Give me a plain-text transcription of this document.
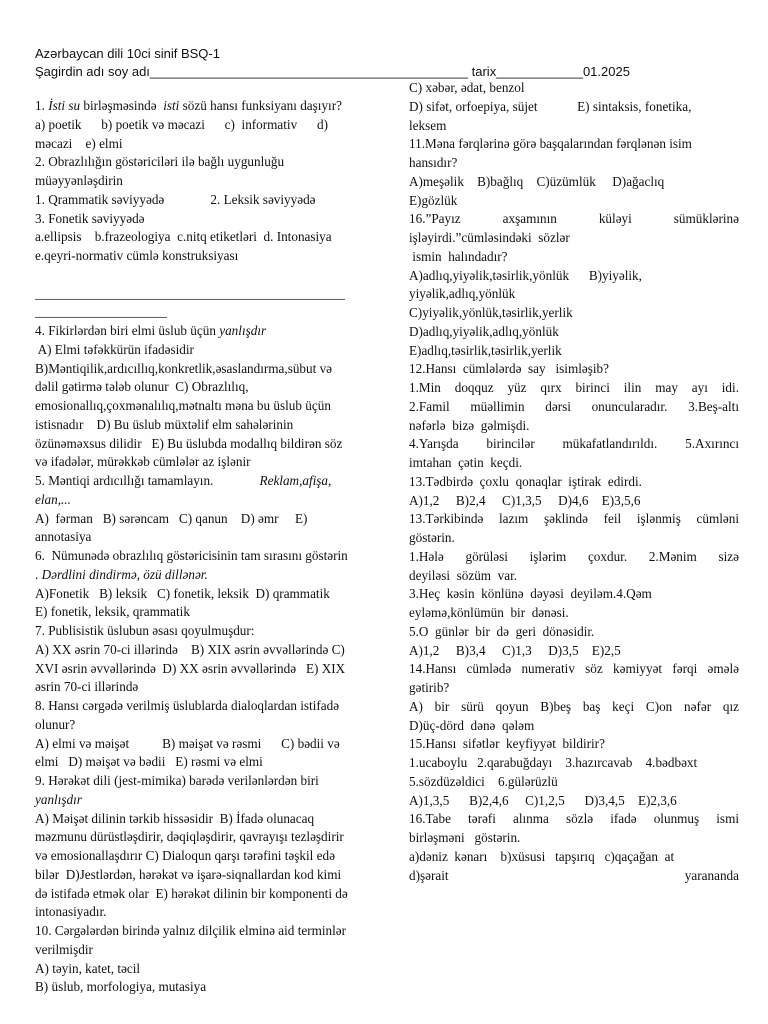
Azərbaycan dili 10ci sinif BSQ-1
Şagirdin adı soy adı____________________________________________ tarix____________01.2025
1. İsti su birləşməsində  isti sözü hansı funksiyanı daşıyır?
a) poetik      b) poetik və məcazi      c)  informativ      d)
məcazi    e) elmi
2. Obrazlılığın göstəriciləri ilə bağlı uygunluğu
müəyyənləşdirin
1. Qrammatik səviyyədə              2. Leksik səviyyədə
3. Fonetik səviyyədə
a.ellipsis    b.frazeologiya  c.nitq etiketləri  d. Intonasiya
e.qeyri-normativ cümlə konstruksiyası
_______________________________________________
____________________
4. Fikirlərdən biri elmi üslub üçün yanlışdır
A) Elmi təfəkkürün ifadəsidir
B)Məntiqilik,ardıcıllıq,konkretlik,əsaslandırma,sübut və
dəlil gətirmə tələb olunur  C) Obrazlılıq,
emosionallıq,çoxmənalılıq,mətnaltı məna bu üslub üçün
istisnadır    D) Bu üslub müxtəlif elm sahələrinin
özünəməxsus dilidir   E) Bu üslubda modallıq bildirən söz
və ifadələr, mürəkkəb cümlələr az işlənir
5. Məntiqi ardıcıllığı tamamlayın.              Reklam,afişa,
elan,...
A)  fərman   B) sərəncam   C) qanun    D) əmr     E)
annotasiya
6.  Nümunədə obrazlılıq göstəricisinin tam sırasını göstərin
. Dərdlini dindirmə, özü dillənər.
A)Fonetik   B) leksik   C) fonetik, leksik  D) qrammatik
E) fonetik, leksik, qrammatik
7. Publisistik üslubun əsası qoyulmuşdur:
A) XX əsrin 70-ci illərində    B) XIX əsrin əvvəllərində C)
XVI əsrin əvvəllərində  D) XX əsrin əvvəllərində   E) XIX
əsrin 70-ci illərində
8. Hansı cərgədə verilmiş üslublarda dialoqlardan istifadə
olunur?
A) elmi və məişət          B) məişət və rəsmi      C) bədii və
elmi   D) məişət və bədii   E) rəsmi və elmi
9. Hərəkət dili (jest-mimika) barədə verilənlərdən biri
yanlışdır
A) Məişət dilinin tərkib hissəsidir  B) İfadə olunacaq
məzmunu dürüstləşdirir, dəqiqləşdirir, qavrayışı tezləşdirir
və emosionallaşdırır C) Dialoqun qarşı tərəfini təşkil edə
bilər  D)Jestlərdən, hərəkət və işarə-siqnallardan kod kimi
də istifadə etmək olar  E) hərəkət dilinin bir komponenti də
intonasiyadır.
10. Cərgələrdən birində yalnız dilçilik elminə aid terminlər
verilmişdir
A) təyin, katet, təcil
B) üslub, morfologiya, mutasiya
C) xəbər, ədat, benzol
D) sifət, orfoepiya, süjet            E) sintaksis, fonetika,
leksem
11.Məna fərqlərinə görə başqalarından fərqlənən isim
hansıdır?
A)meşəlik    B)bağlıq    C)üzümlük     D)ağaclıq
E)gözlük
16.”Payız axşamının küləyi sümüklərinə
işləyirdi.”cümləsindəki  sözlər
ismin  halındadır?
A)adlıq,yiyəlik,təsirlik,yönlük      B)yiyəlik,
yiyəlik,adlıq,yönlük
C)yiyəlik,yönlük,təsirlik,yerlik
D)adlıq,yiyəlik,adlıq,yönlük
E)adlıq,təsirlik,təsirlik,yerlik
12.Hansı  cümlələrdə  say   isimləşib?
1.Min doqquz yüz qırx birinci ilin may ayı idi.
2.Famil müəllimin dərsi onuncularadır. 3.Beş-altı
nəfərlə  bizə  gəlmişdi.
4.Yarışda birincilər mükafatlandırıldı. 5.Axırıncı
imtahan  çətin  keçdi.
13.Tədbirdə  çoxlu  qonaqlar  iştirak  edirdi.
A)1,2     B)2,4     C)1,3,5     D)4,6    E)3,5,6
13.Tərkibində lazım şəklində feil işlənmiş cümləni
göstərin.
1.Hələ görüləsi işlərim çoxdur. 2.Mənim sizə
deyiləsi  sözüm  var.
3.Heç  kəsin  könlünə  dəyəsi  deyiləm.4.Qəm
eyləmə,könlümün  bir  dənəsi.
5.O  günlər  bir  də  geri  dönəsidir.
A)1,2     B)3,4     C)1,3     D)3,5    E)2,5
14.Hansı cümlədə numerativ söz kəmiyyət fərqi əmələ
gətirib?
A) bir sürü qoyun B)beş baş keçi C)on nəfər qız
D)üç-dörd  dənə  qələm
15.Hansı  sifətlər  keyfiyyət  bildirir?
1.ucaboylu   2.qarabuğdayı    3.hazırcavab    4.bədbəxt
5.sözdüzəldici    6.gülərüzlü
A)1,3,5      B)2,4,6     C)1,2,5      D)3,4,5    E)2,3,6
16.Tabe tərəfi alınma sözlə ifadə olunmuş ismi
birləşməni   göstərin.
a)dəniz  kənarı    b)xüsusi   tapşırıq   c)qaçağan  at
d)şərait yarananda
